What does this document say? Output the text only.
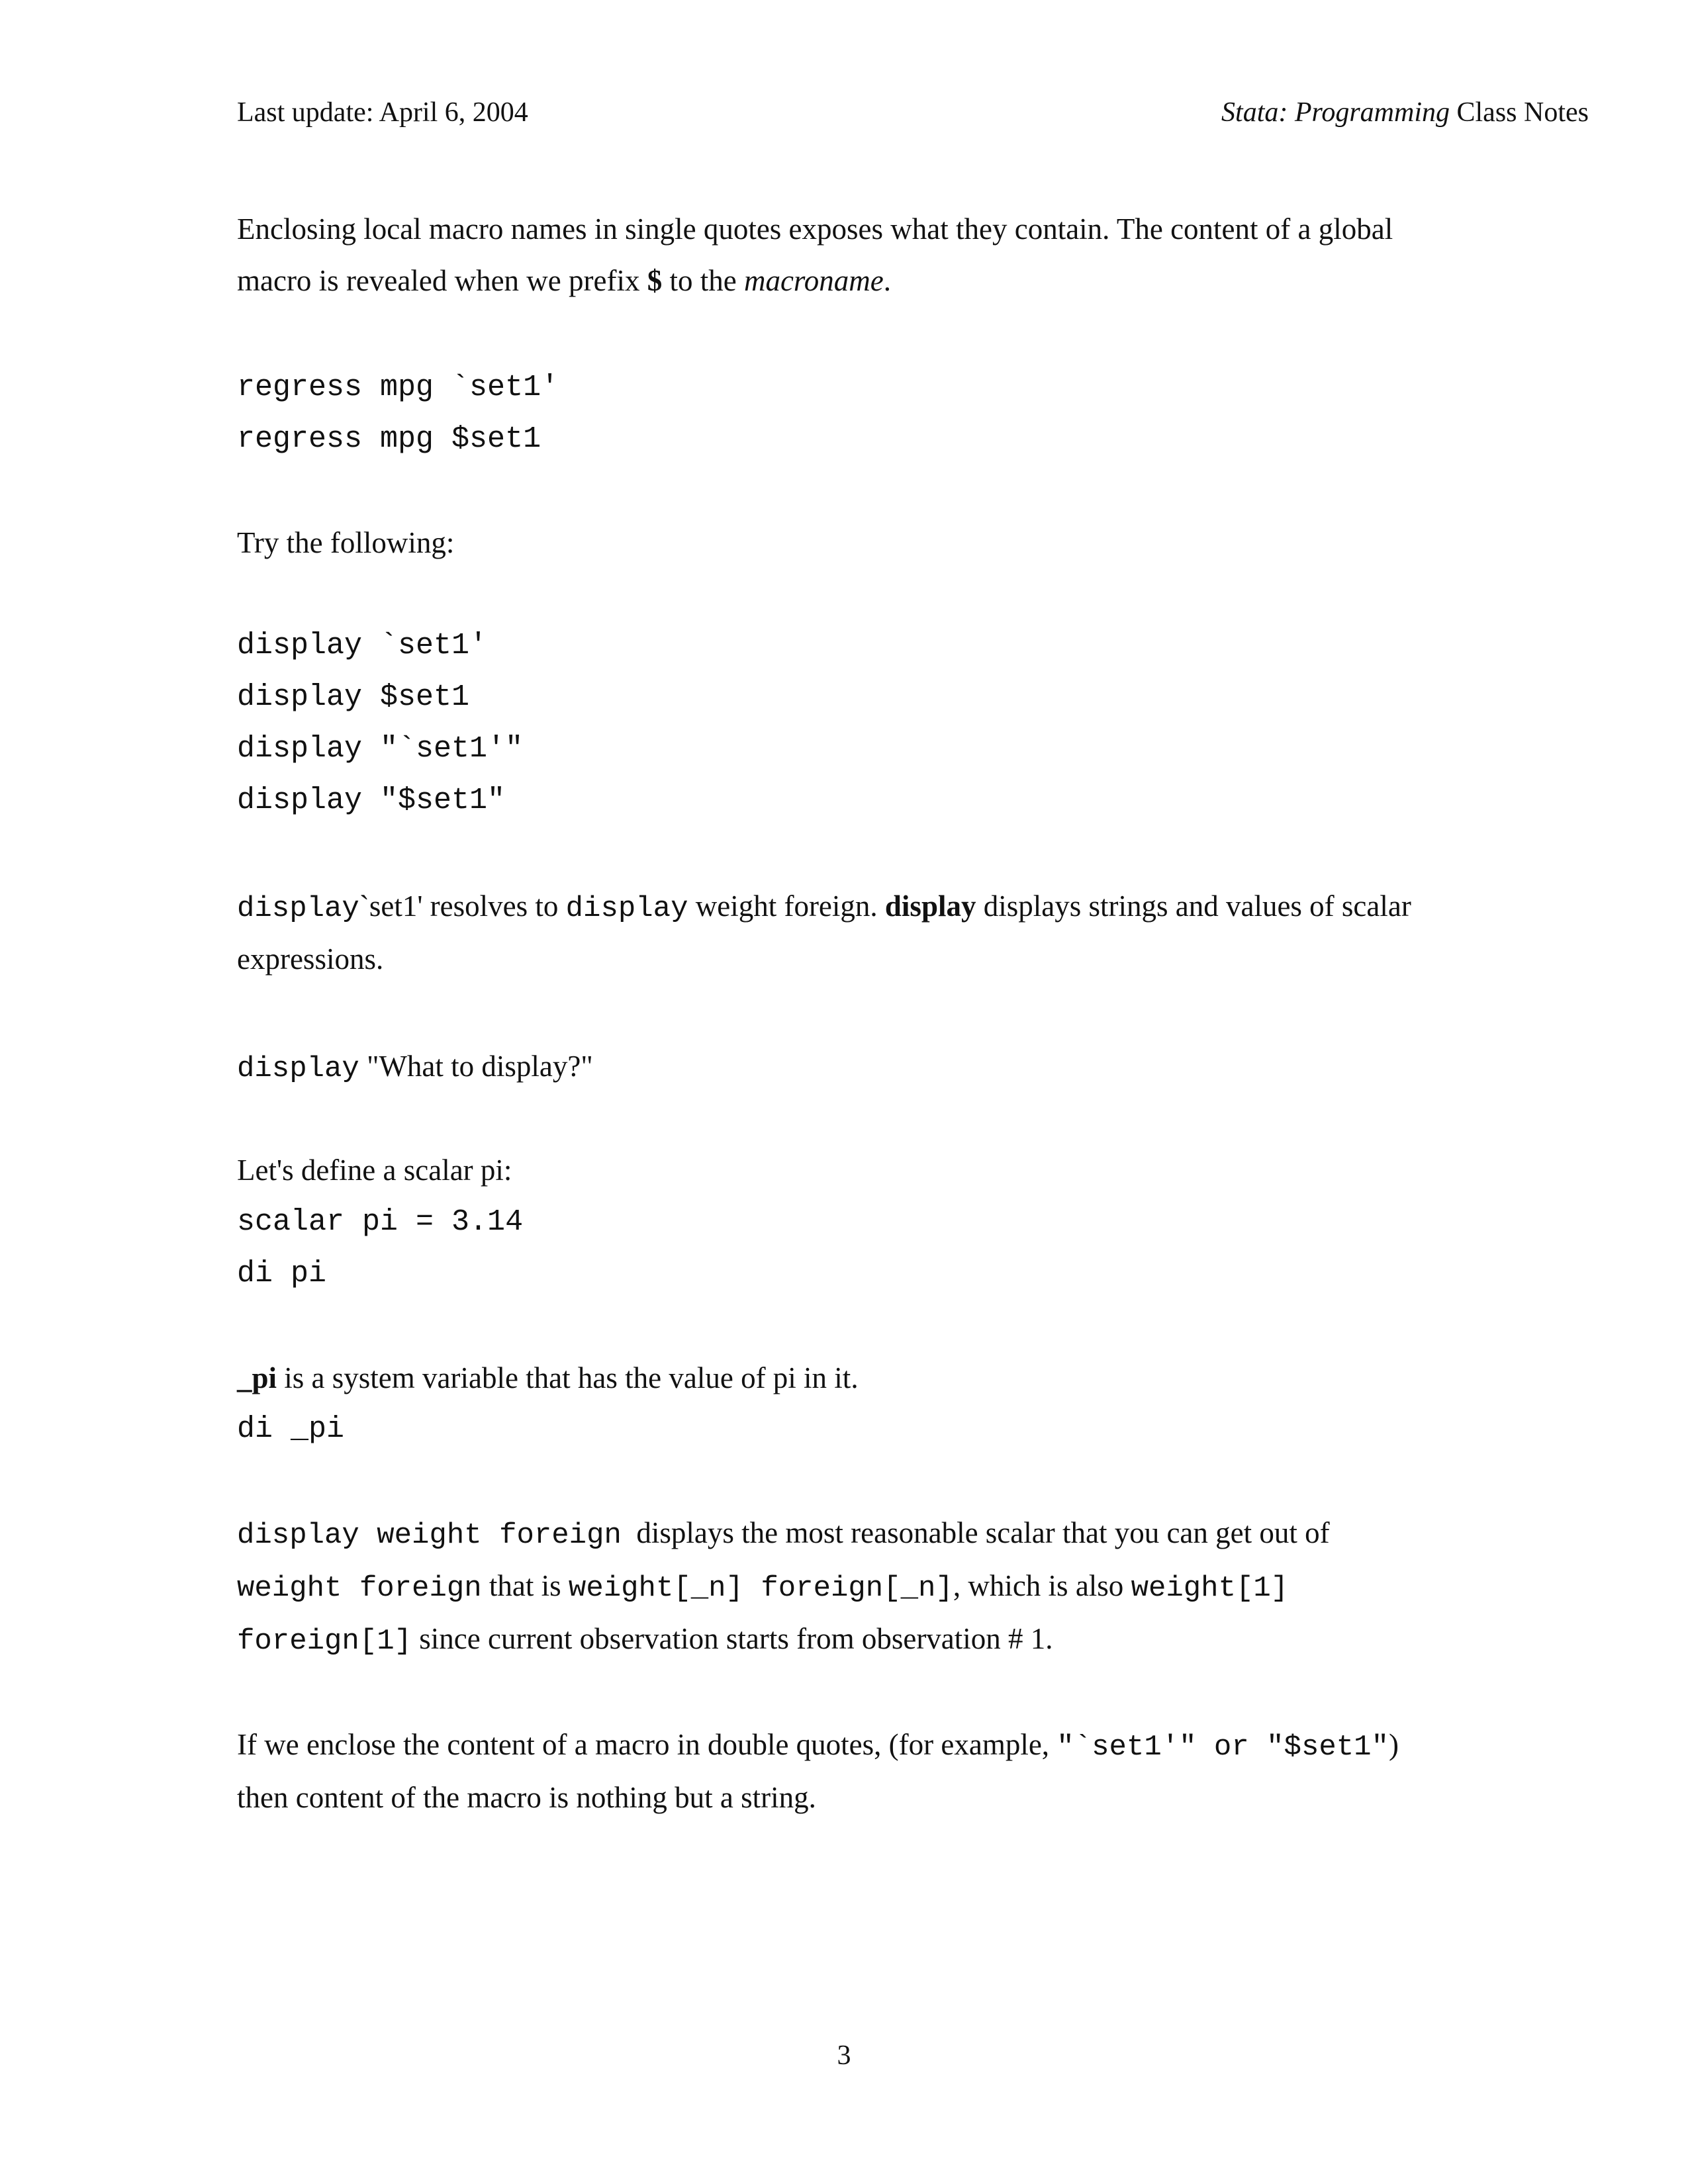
Last update: April 6, 2004	Stata: Programming Class Notes
Enclosing local macro names in single quotes exposes what they contain. The content of a global
macro is revealed when we prefix $ to the macroname.
regress mpg `set1'
regress mpg $set1
Try the following:
display `set1'
display $set1
display "`set1'"
display "$set1"
display`set1' resolves to display weight foreign. display displays strings and values of scalar
expressions.
display "What to display?"
Let's define a scalar pi:
scalar pi = 3.14
di pi
_pi is a system variable that has the value of pi in it.
di _pi
display weight foreign  displays the most reasonable scalar that you can get out of
weight foreign that is weight[_n] foreign[_n], which is also weight[1]
foreign[1] since current observation starts from observation # 1.
If we enclose the content of a macro in double quotes, (for example, "`set1'" or "$set1")
then content of the macro is nothing but a string.
3
